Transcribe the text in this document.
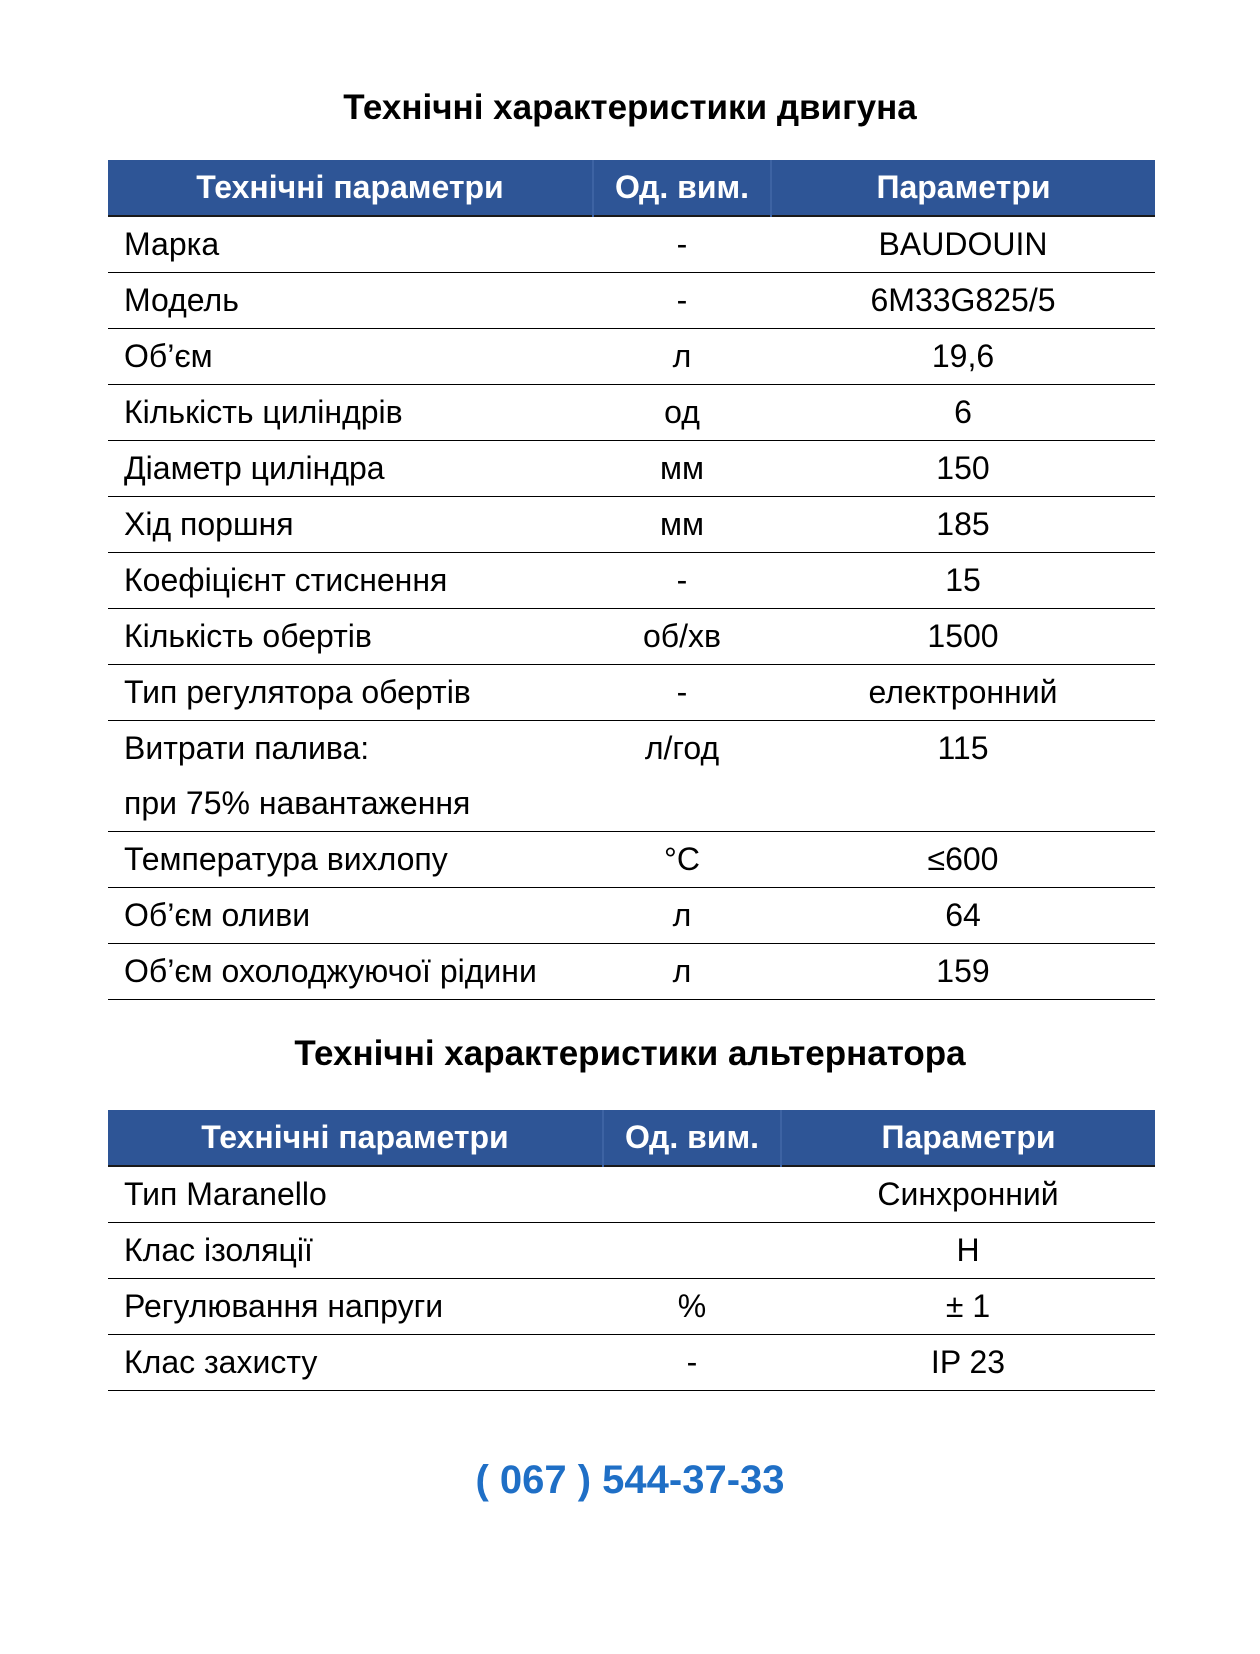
Технічні характеристики двигуна
Технічні параметри	Од. вим.	Параметри
Марка	-	BAUDOUIN
Модель	-	6M33G825/5
Об’єм	л	19,6
Кількість циліндрів	од	6
Діаметр циліндра	мм	150
Хід поршня	мм	185
Коефіцієнт стиснення	-	15
Кількість обертів	об/хв	1500
Тип регулятора обертів	-	електронний

Витрати палива:
при 75% навантаження	л/год	115

Температура вихлопу	°C	≤600
Об’єм оливи	л	64
Об’єм охолоджуючої рідини	л	159
Технічні характеристики альтернатора
Технічні параметри	Од. вим.	Параметри
Тип Maranello		Синхронний
Клас ізоляції		H
Регулювання напруги	%	± 1
Клас захисту	-	IP 23
( 067 ) 544-37-33
